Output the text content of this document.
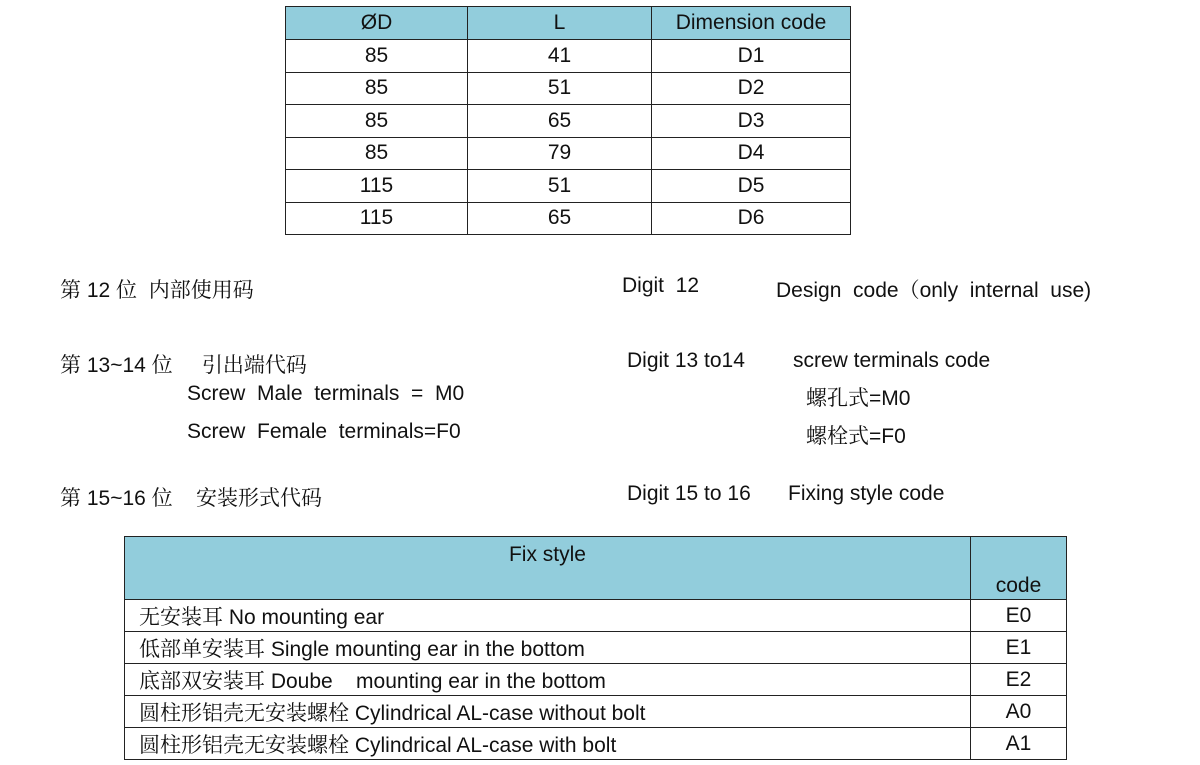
ØD	L	Dimension code
85	41	D1
85	51	D2
85	65	D3
85	79	D4
115	51	D5
115	65	D6
第 12 位  内部使用码	Digit  12	Design  code（only  internal  use)
第 13~14 位     引出端代码	Digit 13 to14 screw terminals code
Screw  Male  terminals  =  M0
Screw  Female  terminals=F0
螺孔式=M0
螺栓式=F0
第 15~16 位    安装形式代码	Digit 15 to 16 Fixing style code
Fix style	code
无安装耳 No mounting ear	E0
低部单安装耳 Single mounting ear in the bottom	E1
底部双安装耳 Doube    mounting ear in the bottom	E2
圆柱形铝壳无安装螺栓 Cylindrical AL-case without bolt	A0
圆柱形铝壳无安装螺栓 Cylindrical AL-case with bolt	A1
